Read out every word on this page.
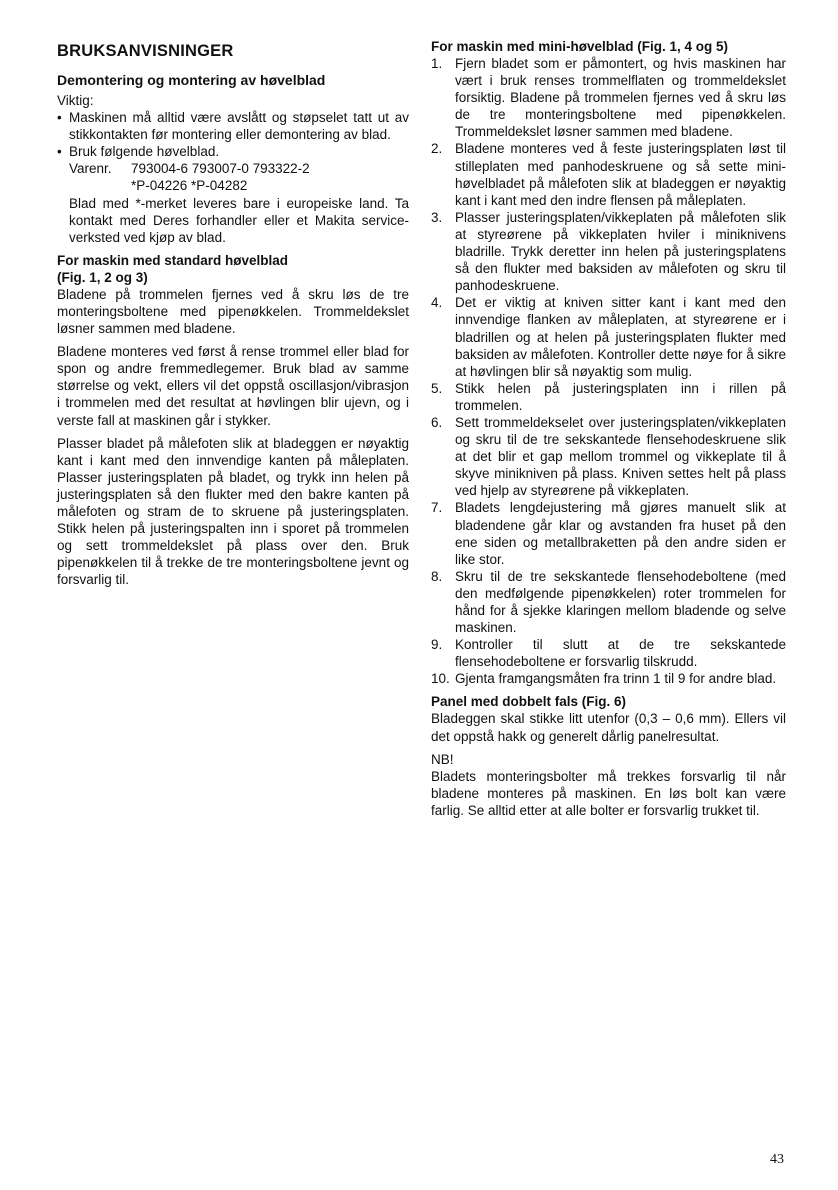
BRUKSANVISNINGER

Demontering og montering av høvelblad

Viktig:

• Maskinen må alltid være avslått og støpselet tatt ut av stikkontakten før montering eller demontering av blad.
• Bruk følgende høvelblad.
Varenr.	793004-6 793007-0 793322-2
*P-04226 *P-04282

Blad med *-merket leveres bare i europeiske land. Ta kontakt med Deres forhandler eller et Makita service-verksted ved kjøp av blad.

For maskin med standard høvelblad

(Fig. 1, 2 og 3)

Bladene på trommelen fjernes ved å skru løs de tre monteringsboltene med pipenøkkelen. Trommeldekslet løsner sammen med bladene.

Bladene monteres ved først å rense trommel eller blad for spon og andre fremmedlegemer. Bruk blad av samme størrelse og vekt, ellers vil det oppstå oscillasjon/vibrasjon i trommelen med det resultat at høvlingen blir ujevn, og i verste fall at maskinen går i stykker.

Plasser bladet på målefoten slik at bladeggen er nøyaktig kant i kant med den innvendige kanten på måleplaten. Plasser justeringsplaten på bladet, og trykk inn helen på justeringsplaten så den flukter med den bakre kanten på målefoten og stram de to skruene på justeringsplaten. Stikk helen på justeringspalten inn i sporet på trommelen og sett trommeldekslet på plass over den. Bruk pipenøkkelen til å trekke de tre monteringsboltene jevnt og forsvarlig til.

For maskin med mini-høvelblad (Fig. 1, 4 og 5)

1. Fjern bladet som er påmontert, og hvis maskinen har vært i bruk renses trommelflaten og trommeldekslet forsiktig. Bladene på trommelen fjernes ved å skru løs de tre monteringsboltene med pipenøkkelen. Trommeldekslet løsner sammen med bladene.
2. Bladene monteres ved å feste justeringsplaten løst til stilleplaten med panhodeskruene og så sette mini-høvelbladet på målefoten slik at bladeggen er nøyaktig kant i kant med den indre flensen på måleplaten.
3. Plasser justeringsplaten/vikkeplaten på målefoten slik at styreørene på vikkeplaten hviler i miniknivens bladrille. Trykk deretter inn helen på justeringsplatens så den flukter med baksiden av målefoten og skru til panhodeskruene.
4. Det er viktig at kniven sitter kant i kant med den innvendige flanken av måleplaten, at styreørene er i bladrillen og at helen på justeringsplaten flukter med baksiden av målefoten. Kontroller dette nøye for å sikre at høvlingen blir så nøyaktig som mulig.
5. Stikk helen på justeringsplaten inn i rillen på trommelen.
6. Sett trommeldekselet over justeringsplaten/vikkeplaten og skru til de tre sekskantede flensehodeskruene slik at det blir et gap mellom trommel og vikkeplate til å skyve minikniven på plass. Kniven settes helt på plass ved hjelp av styreørene på vikkeplaten.
7. Bladets lengdejustering må gjøres manuelt slik at bladendene går klar og avstanden fra huset på den ene siden og metallbraketten på den andre siden er like stor.
8. Skru til de tre sekskantede flensehodeboltene (med den medfølgende pipenøkkelen) roter trommelen for hånd for å sjekke klaringen mellom bladende og selve maskinen.
9. Kontroller til slutt at de tre sekskantede flensehodeboltene er forsvarlig tilskrudd.
10. Gjenta framgangsmåten fra trinn 1 til 9 for andre blad.

Panel med dobbelt fals (Fig. 6)

Bladeggen skal stikke litt utenfor (0,3 – 0,6 mm). Ellers vil det oppstå hakk og generelt dårlig panelresultat.

NB!

Bladets monteringsbolter må trekkes forsvarlig til når bladene monteres på maskinen. En løs bolt kan være farlig. Se alltid etter at alle bolter er forsvarlig trukket til.

43
